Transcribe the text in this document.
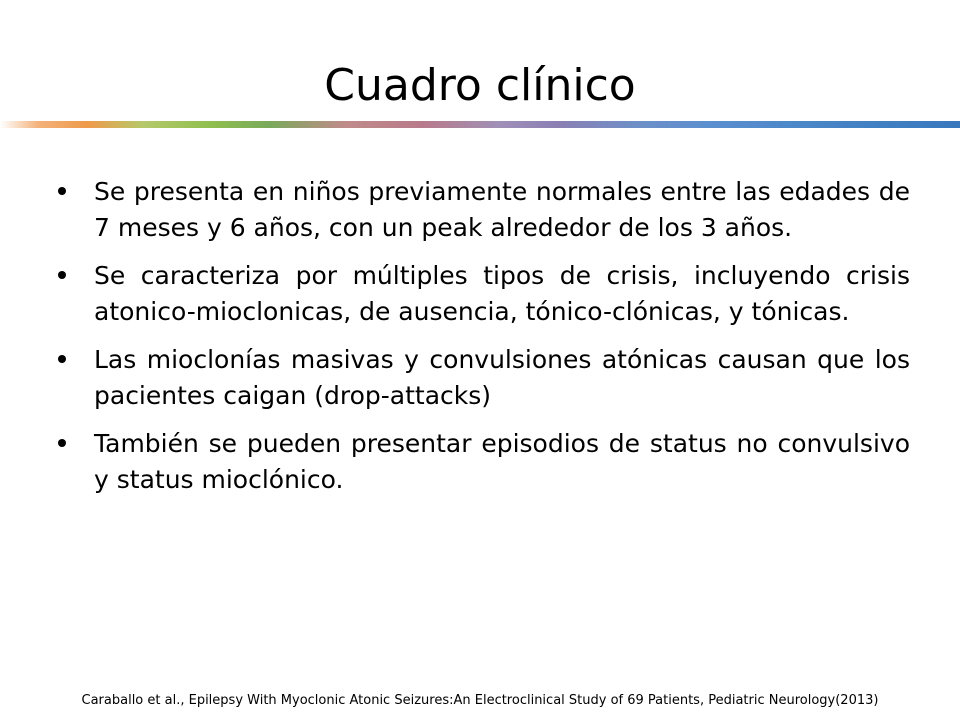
Cuadro clínico
Se presenta en niños previamente normales entre las edades de 7 meses y 6 años, con un peak alrededor de los 3 años.
Se caracteriza por múltiples tipos de crisis, incluyendo crisis atonico-mioclonicas, de ausencia, tónico-clónicas, y tónicas.
Las mioclonías masivas y convulsiones atónicas causan que los pacientes caigan (drop-attacks)
También se pueden presentar episodios de status no convulsivo y status mioclónico.
Caraballo et al., Epilepsy With Myoclonic Atonic Seizures:An Electroclinical Study of 69 Patients, Pediatric Neurology(2013)
